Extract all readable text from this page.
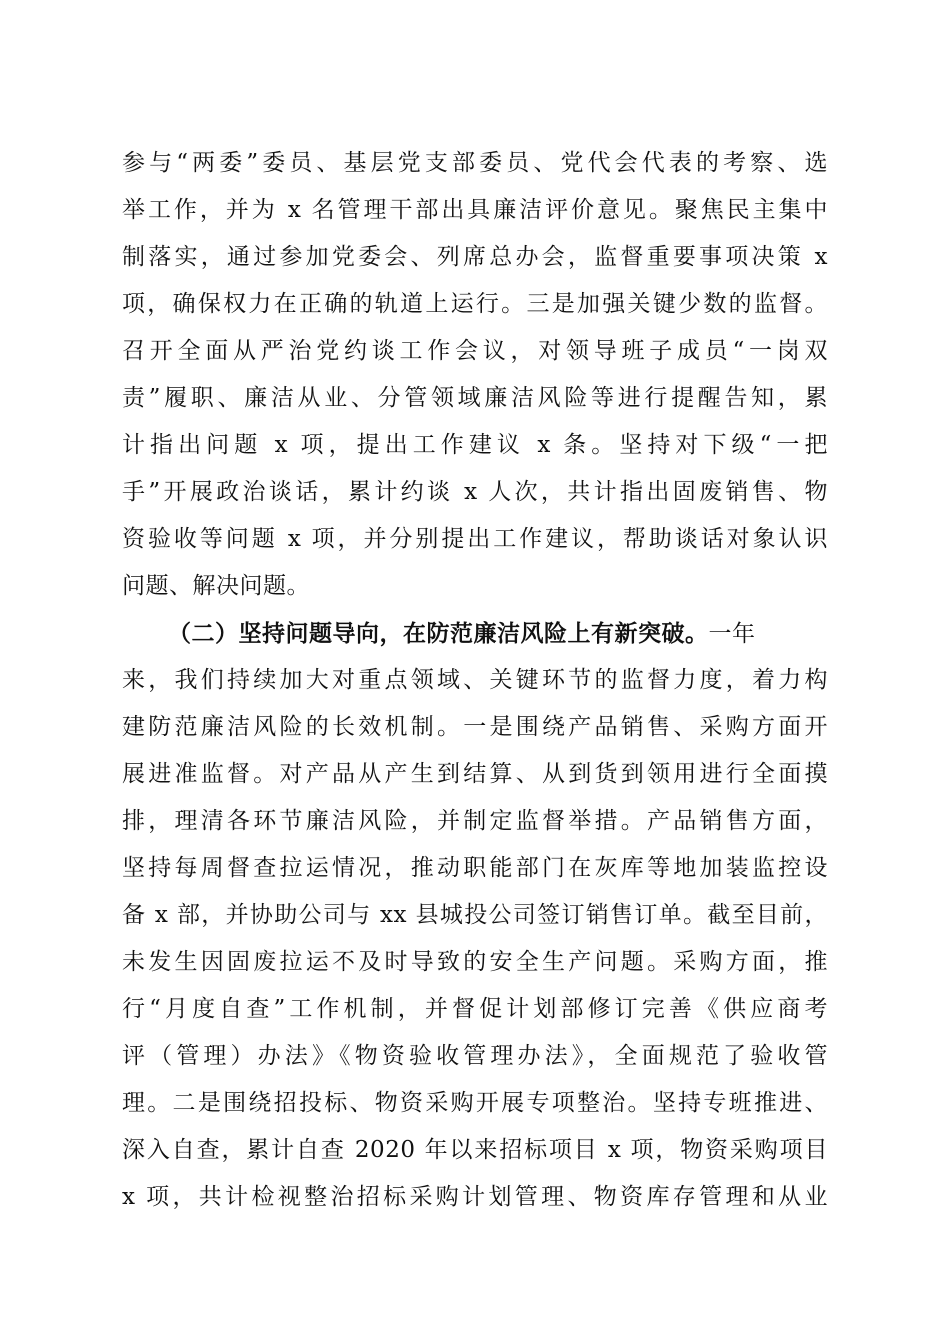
参与“两委”委员、基层党支部委员、党代会代表的考察、选
举工作，并为 x 名管理干部出具廉洁评价意见。聚焦民主集中
制落实，通过参加党委会、列席总办会，监督重要事项决策 x
项，确保权力在正确的轨道上运行。三是加强关键少数的监督。
召开全面从严治党约谈工作会议，对领导班子成员“一岗双
责”履职、廉洁从业、分管领域廉洁风险等进行提醒告知，累
计指出问题 x 项，提出工作建议 x 条。坚持对下级“一把
手”开展政治谈话，累计约谈 x 人次，共计指出固废销售、物
资验收等问题 x 项，并分别提出工作建议，帮助谈话对象认识
问题、解决问题。
（二）坚持问题导向，在防范廉洁风险上有新突破。一年
来，我们持续加大对重点领域、关键环节的监督力度，着力构
建防范廉洁风险的长效机制。一是围绕产品销售、采购方面开
展进准监督。对产品从产生到结算、从到货到领用进行全面摸
排，理清各环节廉洁风险，并制定监督举措。产品销售方面，
坚持每周督查拉运情况，推动职能部门在灰库等地加装监控设
备 x 部，并协助公司与 xx 县城投公司签订销售订单。截至目前，
未发生因固废拉运不及时导致的安全生产问题。采购方面，推
行“月度自查”工作机制，并督促计划部修订完善《供应商考
评（管理）办法》《物资验收管理办法》，全面规范了验收管
理。二是围绕招投标、物资采购开展专项整治。坚持专班推进、
深入自查，累计自查 2020 年以来招标项目 x 项，物资采购项目
x 项，共计检视整治招标采购计划管理、物资库存管理和从业
